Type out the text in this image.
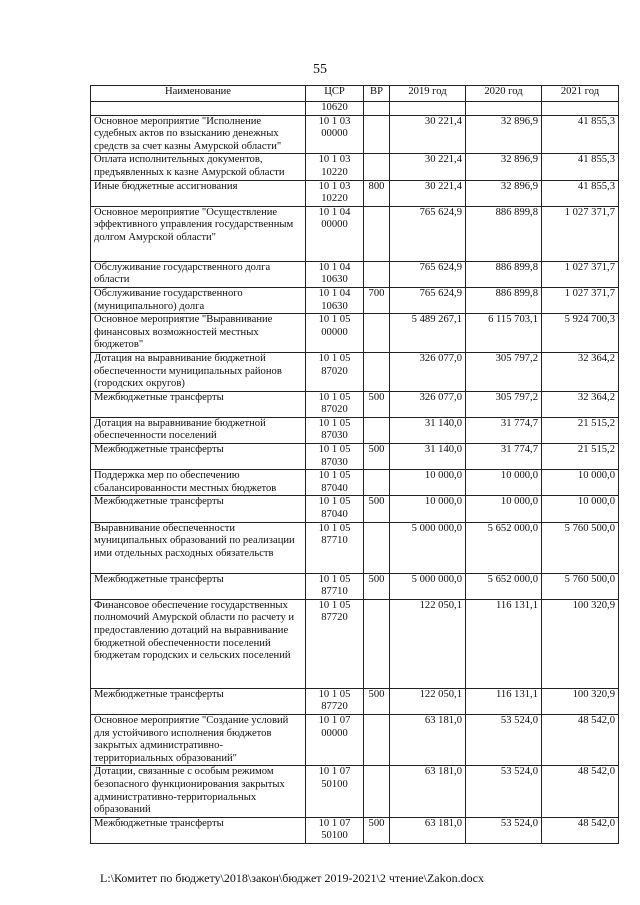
55
Наименование	ЦСР	ВР	2019 год	2020 год	2021 год
	10620				
Основное мероприятие "Исполнение судебных актов по взысканию денежных средств за счет казны Амурской области"	10 1 03 00000		30 221,4	32 896,9	41 855,3
Оплата исполнительных документов, предъявленных к казне Амурской области	10 1 03 10220		30 221,4	32 896,9	41 855,3
Иные бюджетные ассигнования	10 1 03 10220	800	30 221,4	32 896,9	41 855,3
Основное мероприятие "Осуществление эффективного управления государственным долгом Амурской области"	10 1 04 00000		765 624,9	886 899,8	1 027 371,7
Обслуживание государственного долга области	10 1 04 10630		765 624,9	886 899,8	1 027 371,7
Обслуживание государственного (муниципального) долга	10 1 04 10630	700	765 624,9	886 899,8	1 027 371,7
Основное мероприятие "Выравнивание финансовых возможностей местных бюджетов"	10 1 05 00000		5 489 267,1	6 115 703,1	5 924 700,3
Дотация на выравнивание бюджетной обеспеченности муниципальных районов (городских округов)	10 1 05 87020		326 077,0	305 797,2	32 364,2
Межбюджетные трансферты	10 1 05 87020	500	326 077,0	305 797,2	32 364,2
Дотация на выравнивание бюджетной обеспеченности поселений	10 1 05 87030		31 140,0	31 774,7	21 515,2
Межбюджетные трансферты	10 1 05 87030	500	31 140,0	31 774,7	21 515,2
Поддержка мер по обеспечению сбалансированности местных бюджетов	10 1 05 87040		10 000,0	10 000,0	10 000,0
Межбюджетные трансферты	10 1 05 87040	500	10 000,0	10 000,0	10 000,0
Выравнивание обеспеченности муниципальных образований по реализации ими отдельных расходных обязательств	10 1 05 87710		5 000 000,0	5 652 000,0	5 760 500,0
Межбюджетные трансферты	10 1 05 87710	500	5 000 000,0	5 652 000,0	5 760 500,0
Финансовое обеспечение государственных полномочий Амурской области по расчету и предоставлению дотаций на выравнивание бюджетной обеспеченности поселений бюджетам городских и сельских поселений	10 1 05 87720		122 050,1	116 131,1	100 320,9
Межбюджетные трансферты	10 1 05 87720	500	122 050,1	116 131,1	100 320,9
Основное мероприятие "Создание условий для устойчивого исполнения бюджетов закрытых административно-территориальных образований"	10 1 07 00000		63 181,0	53 524,0	48 542,0
Дотации, связанные с особым режимом безопасного функционирования закрытых административно-территориальных образований	10 1 07 50100		63 181,0	53 524,0	48 542,0
Межбюджетные трансферты	10 1 07 50100	500	63 181,0	53 524,0	48 542,0
L:\Комитет по бюджету\2018\закон\бюджет 2019-2021\2 чтение\Zakon.docx
